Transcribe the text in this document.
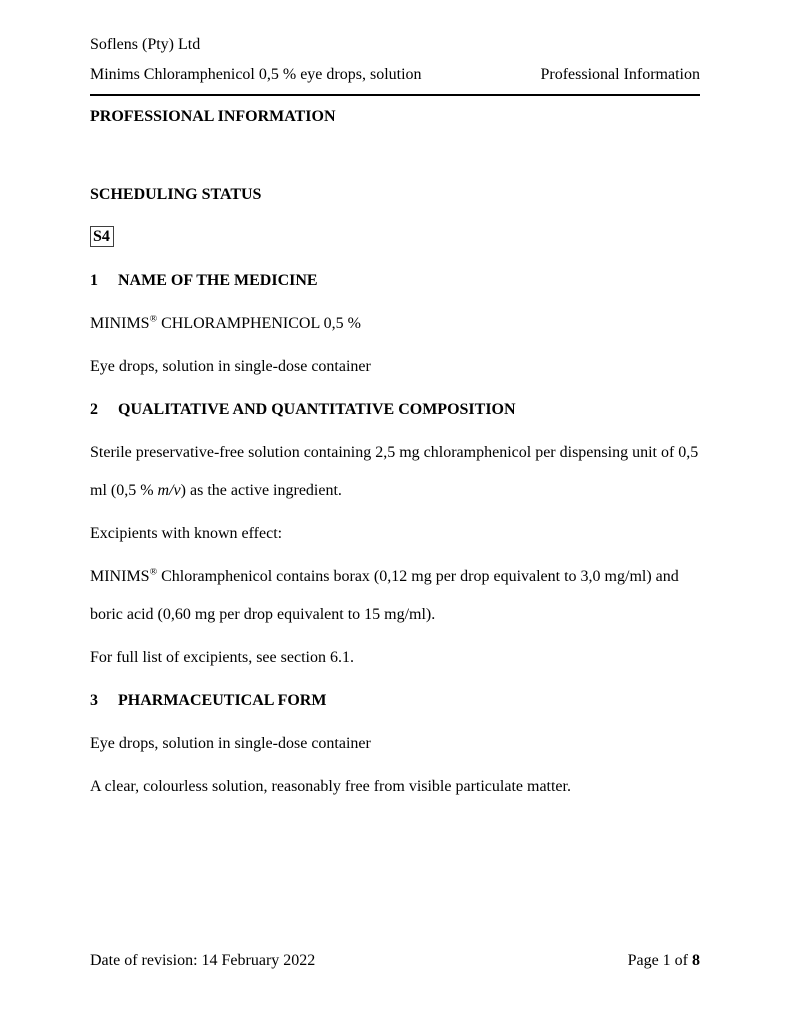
Soflens (Pty) Ltd
Minims Chloramphenicol 0,5 % eye drops, solution	Professional Information
PROFESSIONAL INFORMATION
SCHEDULING STATUS

S4

1	NAME OF THE MEDICINE

MINIMS® CHLORAMPHENICOL 0,5 %

Eye drops, solution in single-dose container

2	QUALITATIVE AND QUANTITATIVE COMPOSITION

Sterile preservative-free solution containing 2,5 mg chloramphenicol per dispensing unit of 0,5 ml (0,5 % m/v) as the active ingredient.

Excipients with known effect:

MINIMS® Chloramphenicol contains borax (0,12 mg per drop equivalent to 3,0 mg/ml) and boric acid (0,60 mg per drop equivalent to 15 mg/ml).

For full list of excipients, see section 6.1.

3	PHARMACEUTICAL FORM

Eye drops, solution in single-dose container

A clear, colourless solution, reasonably free from visible particulate matter.

Date of revision: 14 February 2022	Page 1 of 8
